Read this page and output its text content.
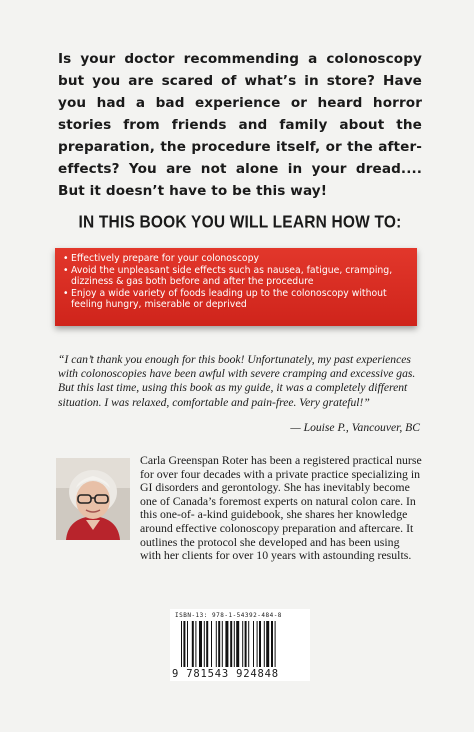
Is your doctor recommending a colonoscopy but you are scared of what’s in store? Have you had a bad experience or heard horror stories from friends and family about the preparation, the procedure itself, or the after-effects? You are not alone in your dread.... But it doesn’t have to be this way!
IN THIS BOOK YOU WILL LEARN HOW TO:
• Effectively prepare for your colonoscopy
• Avoid the unpleasant side effects such as nausea, fatigue, cramping, dizziness & gas both before and after the procedure
• Enjoy a wide variety of foods leading up to the colonoscopy without feeling hungry, miserable or deprived
“I can’t thank you enough for this book! Unfortunately, my past experiences with colonoscopies have been awful with severe cramping and excessive gas. But this last time, using this book as my guide, it was a completely different situation. I was relaxed, comfortable and pain-free. Very grateful!”
— Louise P., Vancouver, BC
Carla Greenspan Roter has been a registered practical nurse for over four decades with a private practice specializing in GI disorders and gerontology. She has inevitably become one of Canada’s foremost experts on natural colon care. In this one-of- a-kind guidebook, she shares her knowledge around effective colonoscopy preparation and aftercare. It outlines the protocol she developed and has been using with her clients for over 10 years with astounding results.
ISBN-13: 978-1-54392-484-8
9 781543 924848
